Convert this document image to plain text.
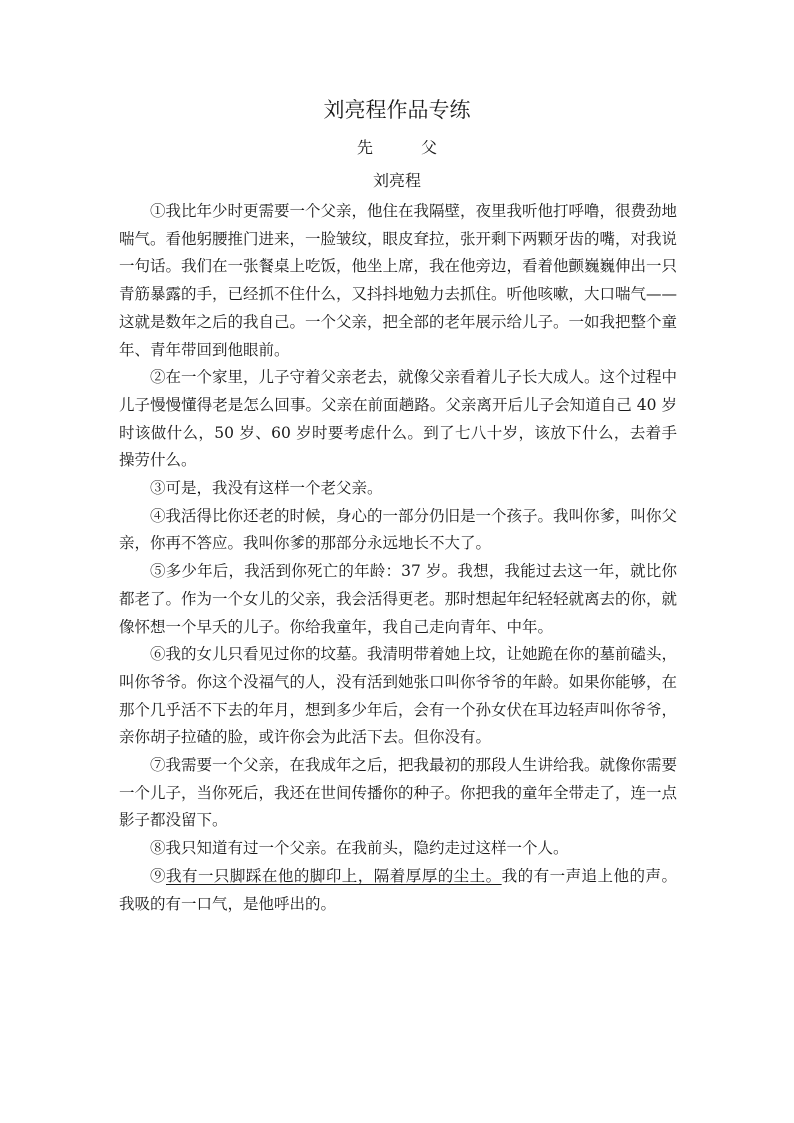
刘亮程作品专练
先　父
刘亮程

①我比年少时更需要一个父亲，他住在我隔壁，夜里我听他打呼噜，很费劲地喘气。看他躬腰推门进来，一脸皱纹，眼皮耷拉，张开剩下两颗牙齿的嘴，对我说一句话。我们在一张餐桌上吃饭，他坐上席，我在他旁边，看着他颤巍巍伸出一只青筋暴露的手，已经抓不住什么，又抖抖地勉力去抓住。听他咳嗽，大口喘气——这就是数年之后的我自己。一个父亲，把全部的老年展示给儿子。一如我把整个童年、青年带回到他眼前。

②在一个家里，儿子守着父亲老去，就像父亲看着儿子长大成人。这个过程中儿子慢慢懂得老是怎么回事。父亲在前面趟路。父亲离开后儿子会知道自己 40 岁时该做什么，50 岁、60 岁时要考虑什么。到了七八十岁，该放下什么，去着手操劳什么。

③可是，我没有这样一个老父亲。

④我活得比你还老的时候，身心的一部分仍旧是一个孩子。我叫你爹，叫你父亲，你再不答应。我叫你爹的那部分永远地长不大了。

⑤多少年后，我活到你死亡的年龄：37 岁。我想，我能过去这一年，就比你都老了。作为一个女儿的父亲，我会活得更老。那时想起年纪轻轻就离去的你，就像怀想一个早夭的儿子。你给我童年，我自己走向青年、中年。

⑥我的女儿只看见过你的坟墓。我清明带着她上坟，让她跪在你的墓前磕头，叫你爷爷。你这个没福气的人，没有活到她张口叫你爷爷的年龄。如果你能够，在那个几乎活不下去的年月，想到多少年后，会有一个孙女伏在耳边轻声叫你爷爷，亲你胡子拉碴的脸，或许你会为此活下去。但你没有。

⑦我需要一个父亲，在我成年之后，把我最初的那段人生讲给我。就像你需要一个儿子，当你死后，我还在世间传播你的种子。你把我的童年全带走了，连一点影子都没留下。

⑧我只知道有过一个父亲。在我前头，隐约走过这样一个人。

⑨我有一只脚踩在他的脚印上，隔着厚厚的尘土。我的有一声追上他的声。我吸的有一口气，是他呼出的。
